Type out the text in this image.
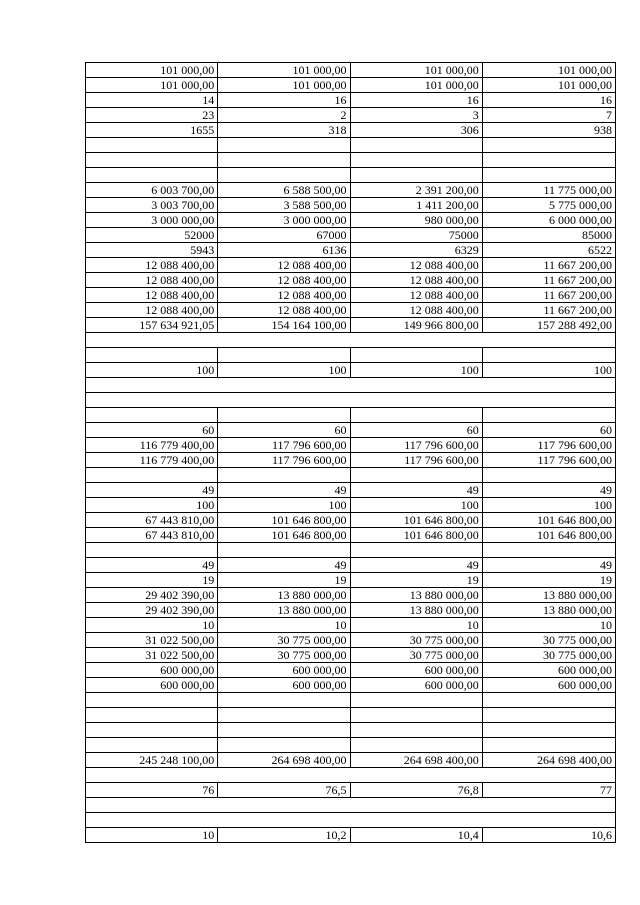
101 000,00	101 000,00	101 000,00	101 000,00
101 000,00	101 000,00	101 000,00	101 000,00
14	16	16	16
23	2	3	7
1655	318	306	938
6 003 700,00	6 588 500,00	2 391 200,00	11 775 000,00
3 003 700,00	3 588 500,00	1 411 200,00	5 775 000,00
3 000 000,00	3 000 000,00	980 000,00	6 000 000,00
52000	67000	75000	85000
5943	6136	6329	6522
12 088 400,00	12 088 400,00	12 088 400,00	11 667 200,00
12 088 400,00	12 088 400,00	12 088 400,00	11 667 200,00
12 088 400,00	12 088 400,00	12 088 400,00	11 667 200,00
12 088 400,00	12 088 400,00	12 088 400,00	11 667 200,00
157 634 921,05	154 164 100,00	149 966 800,00	157 288 492,00
100	100	100	100
60	60	60	60
116 779 400,00	117 796 600,00	117 796 600,00	117 796 600,00
116 779 400,00	117 796 600,00	117 796 600,00	117 796 600,00
49	49	49	49
100	100	100	100
67 443 810,00	101 646 800,00	101 646 800,00	101 646 800,00
67 443 810,00	101 646 800,00	101 646 800,00	101 646 800,00
49	49	49	49
19	19	19	19
29 402 390,00	13 880 000,00	13 880 000,00	13 880 000,00
29 402 390,00	13 880 000,00	13 880 000,00	13 880 000,00
10	10	10	10
31 022 500,00	30 775 000,00	30 775 000,00	30 775 000,00
31 022 500,00	30 775 000,00	30 775 000,00	30 775 000,00
600 000,00	600 000,00	600 000,00	600 000,00
600 000,00	600 000,00	600 000,00	600 000,00
245 248 100,00	264 698 400,00	264 698 400,00	264 698 400,00
76	76,5	76,8	77
10	10,2	10,4	10,6
